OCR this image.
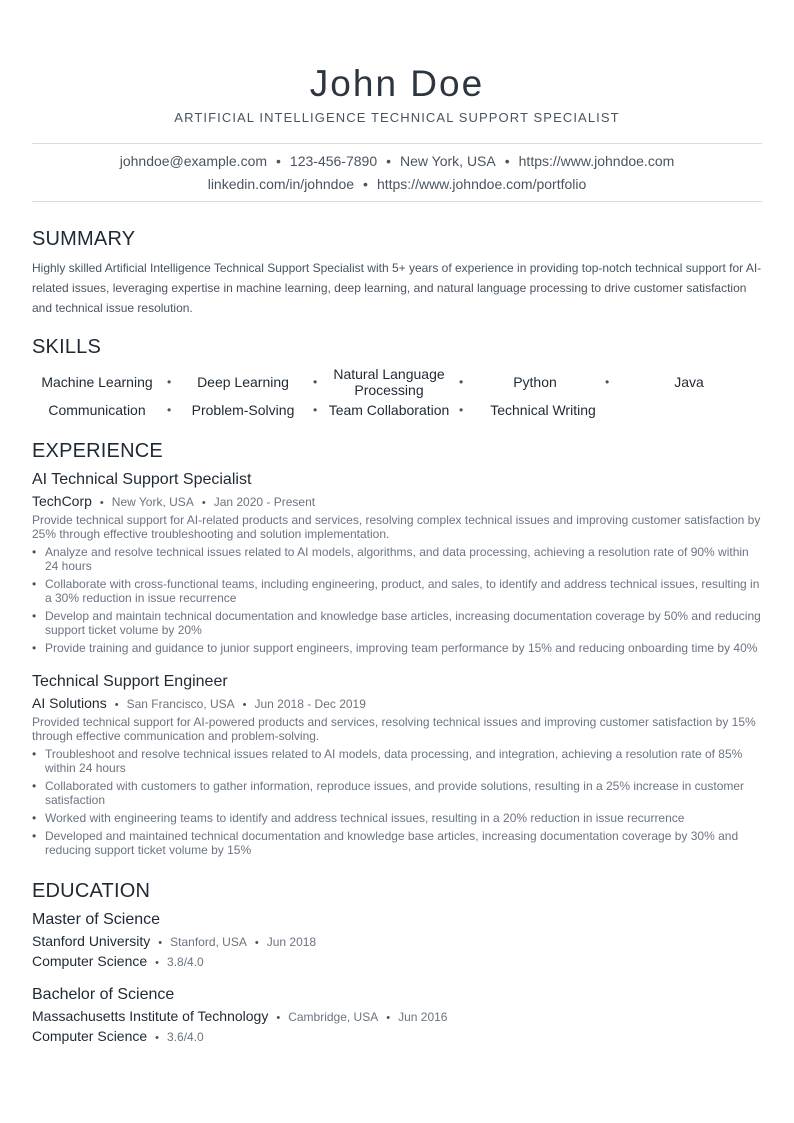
John Doe
ARTIFICIAL INTELLIGENCE TECHNICAL SUPPORT SPECIALIST
johndoe@example.com • 123-456-7890 • New York, USA • https://www.johndoe.com
linkedin.com/in/johndoe • https://www.johndoe.com/portfolio
SUMMARY
Highly skilled Artificial Intelligence Technical Support Specialist with 5+ years of experience in providing top-notch technical support for AI-related issues, leveraging expertise in machine learning, deep learning, and natural language processing to drive customer satisfaction and technical issue resolution.
SKILLS
Machine Learning	•	Deep Learning	•	Natural Language Processing	•	Python	•	Java
Communication	•	Problem-Solving	• Team Collaboration •	Technical Writing
EXPERIENCE
AI Technical Support Specialist
TechCorp • New York, USA • Jan 2020 - Present
Provide technical support for AI-related products and services, resolving complex technical issues and improving customer satisfaction by 25% through effective troubleshooting and solution implementation.
• Analyze and resolve technical issues related to AI models, algorithms, and data processing, achieving a resolution rate of 90% within 24 hours
• Collaborate with cross-functional teams, including engineering, product, and sales, to identify and address technical issues, resulting in a 30% reduction in issue recurrence
• Develop and maintain technical documentation and knowledge base articles, increasing documentation coverage by 50% and reducing support ticket volume by 20%
• Provide training and guidance to junior support engineers, improving team performance by 15% and reducing onboarding time by 40%
Technical Support Engineer
AI Solutions • San Francisco, USA • Jun 2018 - Dec 2019
Provided technical support for AI-powered products and services, resolving technical issues and improving customer satisfaction by 15% through effective communication and problem-solving.
• Troubleshoot and resolve technical issues related to AI models, data processing, and integration, achieving a resolution rate of 85% within 24 hours
• Collaborated with customers to gather information, reproduce issues, and provide solutions, resulting in a 25% increase in customer satisfaction
• Worked with engineering teams to identify and address technical issues, resulting in a 20% reduction in issue recurrence
• Developed and maintained technical documentation and knowledge base articles, increasing documentation coverage by 30% and reducing support ticket volume by 15%
EDUCATION
Master of Science
Stanford University • Stanford, USA • Jun 2018
Computer Science • 3.8/4.0
Bachelor of Science
Massachusetts Institute of Technology • Cambridge, USA • Jun 2016
Computer Science • 3.6/4.0
